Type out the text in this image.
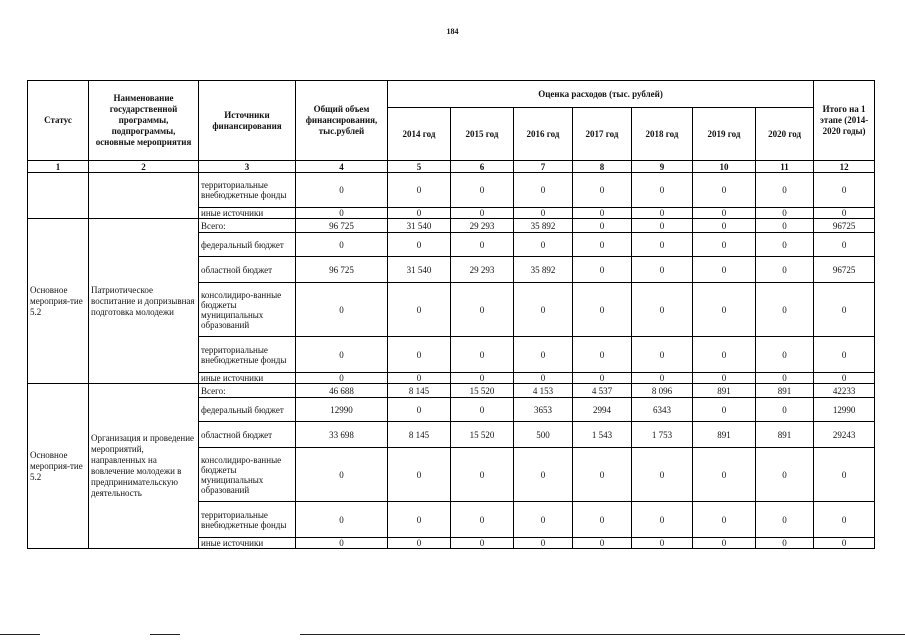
184
Статус	Наименование государственной программы, подпрограммы, основные мероприятия	Источники финансирования	Общий объем финансирования, тыс.рублей	Оценка расходов (тыс. рублей)							Итого на 1 этапе (2014-2020 годы)
				2014 год	2015 год	2016 год	2017 год	2018 год	2019 год	2020 год	
1	2	3	4	5	6	7	8	9	10	11	12
		территориальные внебюджетные фонды	0	0	0	0	0	0	0	0	0
		иные источники	0	0	0	0	0	0	0	0	0
Основное мероприя-тие 5.2	Патриотическое воспитание и допризывная подготовка молодежи	Всего:	96 725	31 540	29 293	35 892	0	0	0	0	96725
		федеральный бюджет	0	0	0	0	0	0	0	0	0
		областной бюджет	96 725	31 540	29 293	35 892	0	0	0	0	96725
		консолидиро-ванные бюджеты муниципальных образований	0	0	0	0	0	0	0	0	0
		территориальные внебюджетные фонды	0	0	0	0	0	0	0	0	0
		иные источники	0	0	0	0	0	0	0	0	0
Основное мероприя-тие 5.2	Организация и проведение мероприятий, направленных на вовлечение молодежи в предпринимательскую деятельность	Всего:	46 688	8 145	15 520	4 153	4 537	8 096	891	891	42233
		федеральный бюджет	12990	0	0	3653	2994	6343	0	0	12990
		областной бюджет	33 698	8 145	15 520	500	1 543	1 753	891	891	29243
		консолидиро-ванные бюджеты муниципальных образований	0	0	0	0	0	0	0	0	0
		территориальные внебюджетные фонды	0	0	0	0	0	0	0	0	0
		иные источники	0	0	0	0	0	0	0	0	0
